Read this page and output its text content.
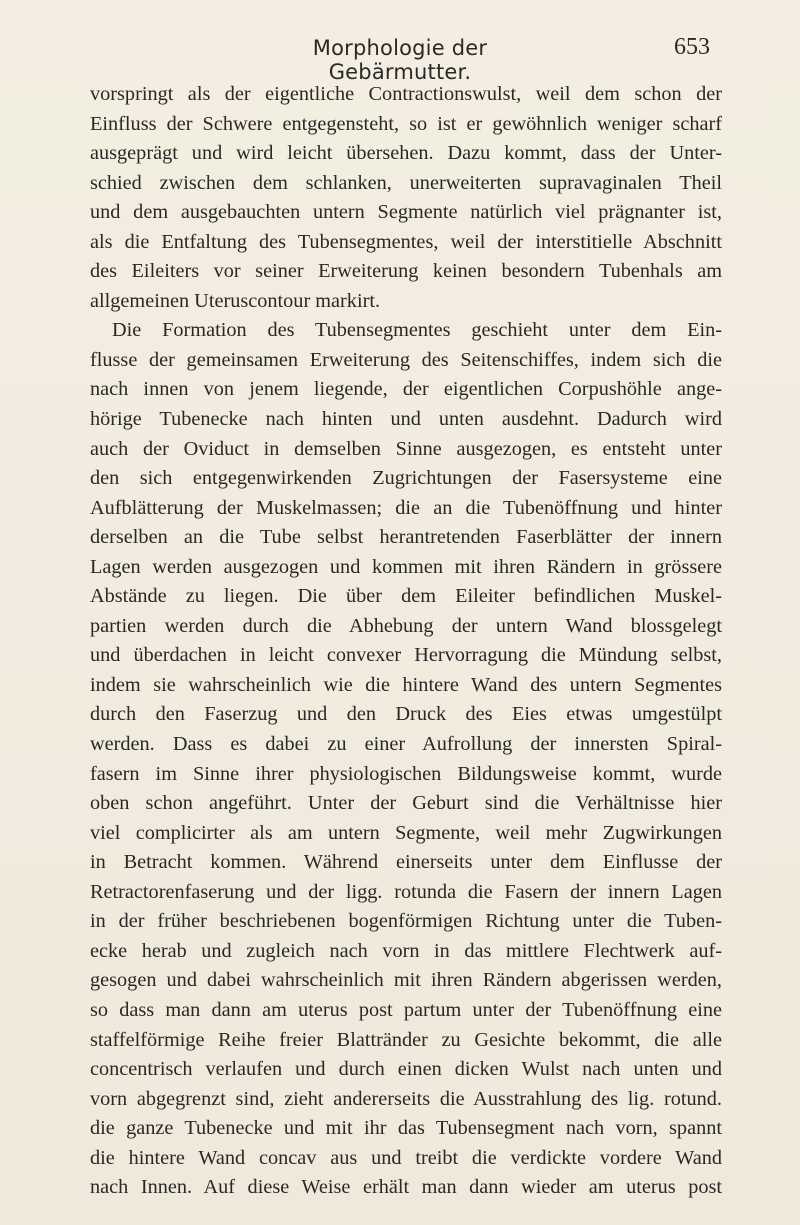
Morphologie der Gebärmutter.
653
vorspringt als der eigentliche Contractionswulst, weil dem schon der
Einfluss der Schwere entgegensteht, so ist er gewöhnlich weniger scharf
ausgeprägt und wird leicht übersehen. Dazu kommt, dass der Unter-
schied zwischen dem schlanken, unerweiterten supravaginalen Theil
und dem ausgebauchten untern Segmente natürlich viel prägnanter ist,
als die Entfaltung des Tubensegmentes, weil der interstitielle Abschnitt
des Eileiters vor seiner Erweiterung keinen besondern Tubenhals am
allgemeinen Uteruscontour markirt.
Die Formation des Tubensegmentes geschieht unter dem Ein-
flusse der gemeinsamen Erweiterung des Seitenschiffes, indem sich die
nach innen von jenem liegende, der eigentlichen Corpushöhle ange-
hörige Tubenecke nach hinten und unten ausdehnt. Dadurch wird
auch der Oviduct in demselben Sinne ausgezogen, es entsteht unter
den sich entgegenwirkenden Zugrichtungen der Fasersysteme eine
Aufblätterung der Muskelmassen; die an die Tubenöffnung und hinter
derselben an die Tube selbst herantretenden Faserblätter der innern
Lagen werden ausgezogen und kommen mit ihren Rändern in grössere
Abstände zu liegen. Die über dem Eileiter befindlichen Muskel-
partien werden durch die Abhebung der untern Wand blossgelegt
und überdachen in leicht convexer Hervorragung die Mündung selbst,
indem sie wahrscheinlich wie die hintere Wand des untern Segmentes
durch den Faserzug und den Druck des Eies etwas umgestülpt
werden. Dass es dabei zu einer Aufrollung der innersten Spiral-
fasern im Sinne ihrer physiologischen Bildungsweise kommt, wurde
oben schon angeführt. Unter der Geburt sind die Verhältnisse hier
viel complicirter als am untern Segmente, weil mehr Zugwirkungen
in Betracht kommen. Während einerseits unter dem Einflusse der
Retractorenfaserung und der ligg. rotunda die Fasern der innern Lagen
in der früher beschriebenen bogenförmigen Richtung unter die Tuben-
ecke herab und zugleich nach vorn in das mittlere Flechtwerk auf-
gesogen und dabei wahrscheinlich mit ihren Rändern abgerissen werden,
so dass man dann am uterus post partum unter der Tubenöffnung eine
staffelförmige Reihe freier Blattränder zu Gesichte bekommt, die alle
concentrisch verlaufen und durch einen dicken Wulst nach unten und
vorn abgegrenzt sind, zieht andererseits die Ausstrahlung des lig. rotund.
die ganze Tubenecke und mit ihr das Tubensegment nach vorn, spannt
die hintere Wand concav aus und treibt die verdickte vordere Wand
nach Innen. Auf diese Weise erhält man dann wieder am uterus post
